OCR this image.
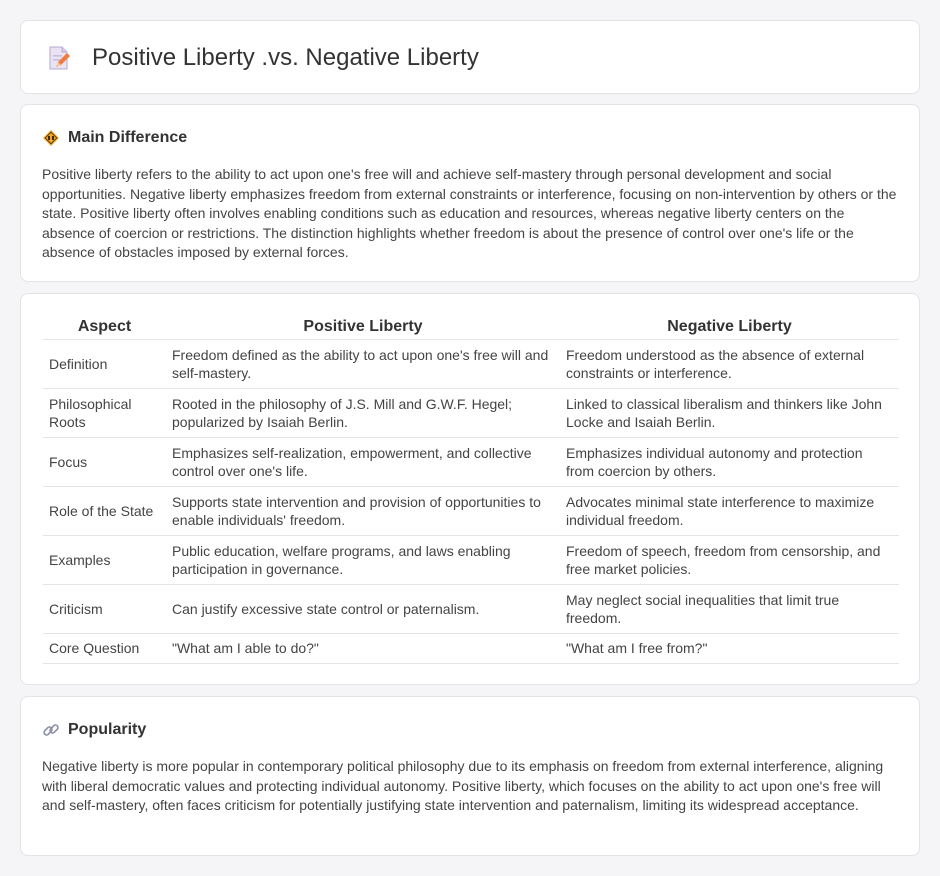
Positive Liberty .vs. Negative Liberty
Main Difference

Positive liberty refers to the ability to act upon one's free will and achieve self-mastery through personal development and social opportunities. Negative liberty emphasizes freedom from external constraints or interference, focusing on non-intervention by others or the state. Positive liberty often involves enabling conditions such as education and resources, whereas negative liberty centers on the absence of coercion or restrictions. The distinction highlights whether freedom is about the presence of control over one's life or the absence of obstacles imposed by external forces.

Aspect	Positive Liberty	Negative Liberty
Definition	Freedom defined as the ability to act upon one's free will and self-mastery.	Freedom understood as the absence of external constraints or interference.
Philosophical Roots	Rooted in the philosophy of J.S. Mill and G.W.F. Hegel; popularized by Isaiah Berlin.	Linked to classical liberalism and thinkers like John Locke and Isaiah Berlin.
Focus	Emphasizes self-realization, empowerment, and collective control over one's life.	Emphasizes individual autonomy and protection from coercion by others.
Role of the State	Supports state intervention and provision of opportunities to enable individuals' freedom.	Advocates minimal state interference to maximize individual freedom.
Examples	Public education, welfare programs, and laws enabling participation in governance.	Freedom of speech, freedom from censorship, and free market policies.
Criticism	Can justify excessive state control or paternalism.	May neglect social inequalities that limit true freedom.
Core Question	"What am I able to do?"	"What am I free from?"
Popularity

Negative liberty is more popular in contemporary political philosophy due to its emphasis on freedom from external interference, aligning with liberal democratic values and protecting individual autonomy. Positive liberty, which focuses on the ability to act upon one's free will and self-mastery, often faces criticism for potentially justifying state intervention and paternalism, limiting its widespread acceptance.
